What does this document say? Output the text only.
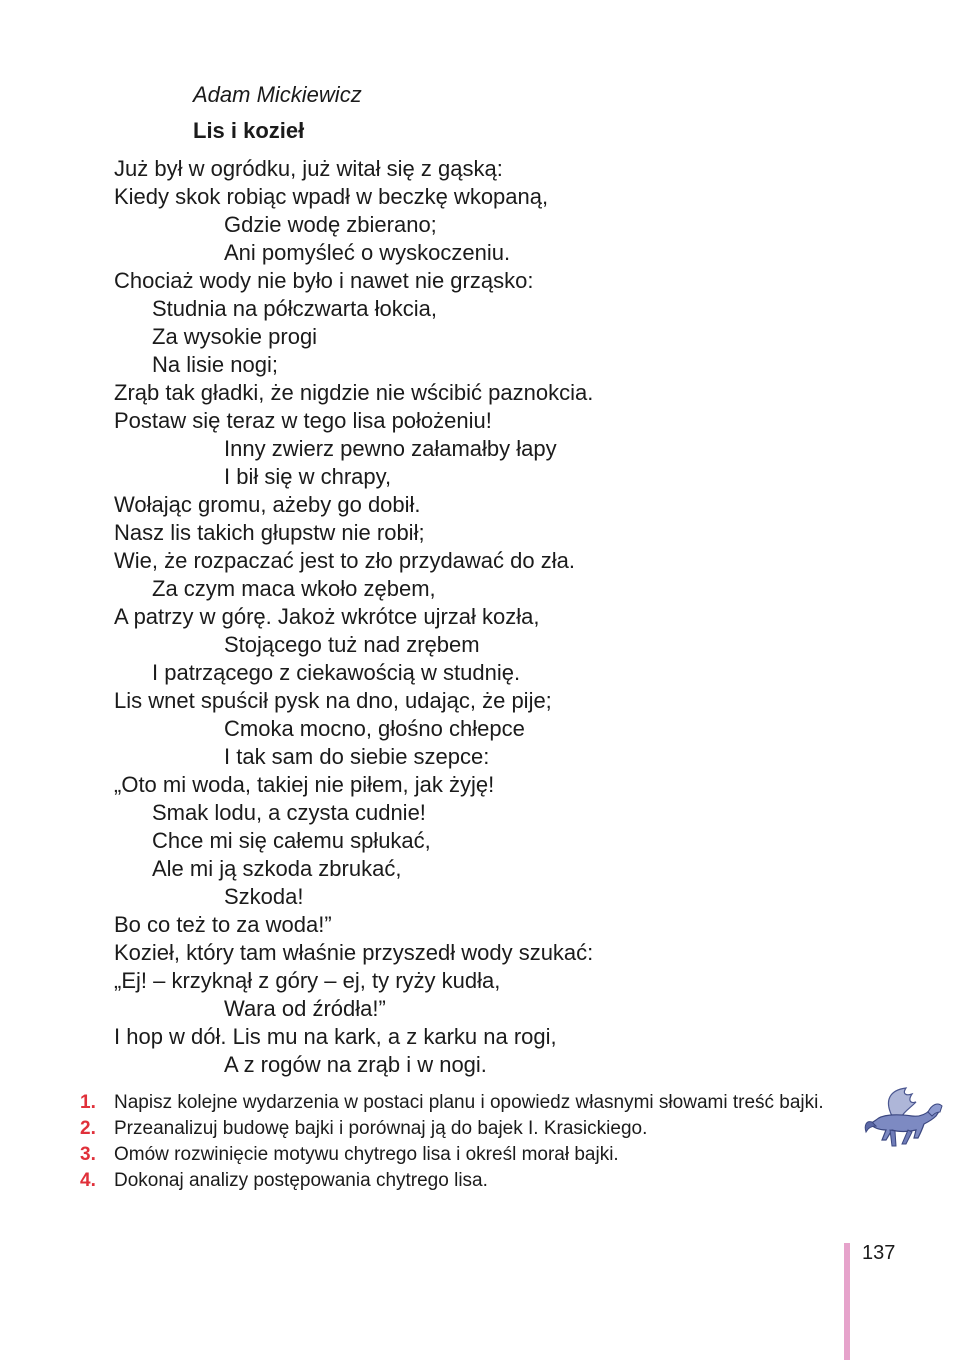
Adam Mickiewicz
Lis i kozieł
Już był w ogródku, już witał się z gąską:
Kiedy skok robiąc wpadł w beczkę wkopaną,
Gdzie wodę zbierano;
Ani pomyśleć o wyskoczeniu.
Chociaż wody nie było i nawet nie grząsko:
Studnia na półczwarta łokcia,
Za wysokie progi
Na lisie nogi;
Zrąb tak gładki, że nigdzie nie wścibić paznokcia.
Postaw się teraz w tego lisa położeniu!
Inny zwierz pewno załamałby łapy
I bił się w chrapy,
Wołając gromu, ażeby go dobił.
Nasz lis takich głupstw nie robił;
Wie, że rozpaczać jest to zło przydawać do zła.
Za czym maca wkoło zębem,
A patrzy w górę. Jakoż wkrótce ujrzał kozła,
Stojącego tuż nad zrębem
I patrzącego z ciekawością w studnię.
Lis wnet spuścił pysk na dno, udając, że pije;
Cmoka mocno, głośno chłepce
I tak sam do siebie szepce:
„Oto mi woda, takiej nie piłem, jak żyję!
Smak lodu, a czysta cudnie!
Chce mi się całemu spłukać,
Ale mi ją szkoda zbrukać,
Szkoda!
Bo co też to za woda!”
Kozieł, który tam właśnie przyszedł wody szukać:
„Ej! – krzyknął z góry – ej, ty ryży kudła,
Wara od źródła!”
I hop w dół. Lis mu na kark, a z karku na rogi,
A z rogów na zrąb i w nogi.
1. Napisz kolejne wydarzenia w postaci planu i opowiedz własnymi słowami treść bajki.
2. Przeanalizuj budowę bajki i porównaj ją do bajek I. Krasickiego.
3. Omów rozwinięcie motywu chytrego lisa i określ morał bajki.
4. Dokonaj analizy postępowania chytrego lisa.
137
